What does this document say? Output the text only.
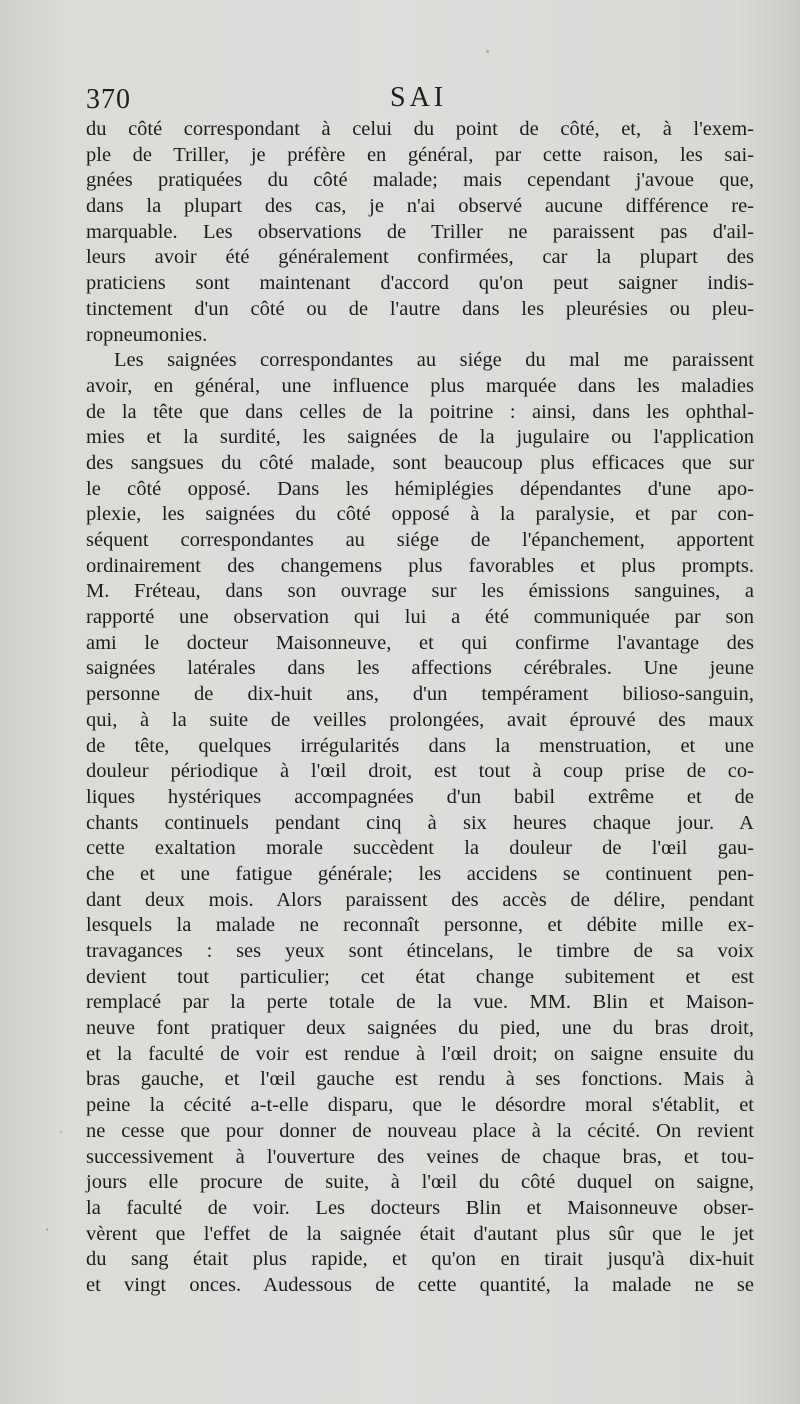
370	SAI
du côté correspondant à celui du point de côté, et, à l'exem-
ple de Triller, je préfère en général, par cette raison, les sai-
gnées pratiquées du côté malade; mais cependant j'avoue que,
dans la plupart des cas, je n'ai observé aucune différence re-
marquable. Les observations de Triller ne paraissent pas d'ail-
leurs avoir été généralement confirmées, car la plupart des
praticiens sont maintenant d'accord qu'on peut saigner indis-
tinctement d'un côté ou de l'autre dans les pleurésies ou pleu-
ropneumonies.
Les saignées correspondantes au siége du mal me paraissent
avoir, en général, une influence plus marquée dans les maladies
de la tête que dans celles de la poitrine : ainsi, dans les ophthal-
mies et la surdité, les saignées de la jugulaire ou l'application
des sangsues du côté malade, sont beaucoup plus efficaces que sur
le côté opposé. Dans les hémiplégies dépendantes d'une apo-
plexie, les saignées du côté opposé à la paralysie, et par con-
séquent correspondantes au siége de l'épanchement, apportent
ordinairement des changemens plus favorables et plus prompts.
M. Fréteau, dans son ouvrage sur les émissions sanguines, a
rapporté une observation qui lui a été communiquée par son
ami le docteur Maisonneuve, et qui confirme l'avantage des
saignées latérales dans les affections cérébrales. Une jeune
personne de dix-huit ans, d'un tempérament bilioso-sanguin,
qui, à la suite de veilles prolongées, avait éprouvé des maux
de tête, quelques irrégularités dans la menstruation, et une
douleur périodique à l'œil droit, est tout à coup prise de co-
liques hystériques accompagnées d'un babil extrême et de
chants continuels pendant cinq à six heures chaque jour. A
cette exaltation morale succèdent la douleur de l'œil gau-
che et une fatigue générale; les accidens se continuent pen-
dant deux mois. Alors paraissent des accès de délire, pendant
lesquels la malade ne reconnaît personne, et débite mille ex-
travagances : ses yeux sont étincelans, le timbre de sa voix
devient tout particulier; cet état change subitement et est
remplacé par la perte totale de la vue. MM. Blin et Maison-
neuve font pratiquer deux saignées du pied, une du bras droit,
et la faculté de voir est rendue à l'œil droit; on saigne ensuite du
bras gauche, et l'œil gauche est rendu à ses fonctions. Mais à
peine la cécité a-t-elle disparu, que le désordre moral s'établit, et
ne cesse que pour donner de nouveau place à la cécité. On revient
successivement à l'ouverture des veines de chaque bras, et tou-
jours elle procure de suite, à l'œil du côté duquel on saigne,
la faculté de voir. Les docteurs Blin et Maisonneuve obser-
vèrent que l'effet de la saignée était d'autant plus sûr que le jet
du sang était plus rapide, et qu'on en tirait jusqu'à dix-huit
et vingt onces. Audessous de cette quantité, la malade ne se
